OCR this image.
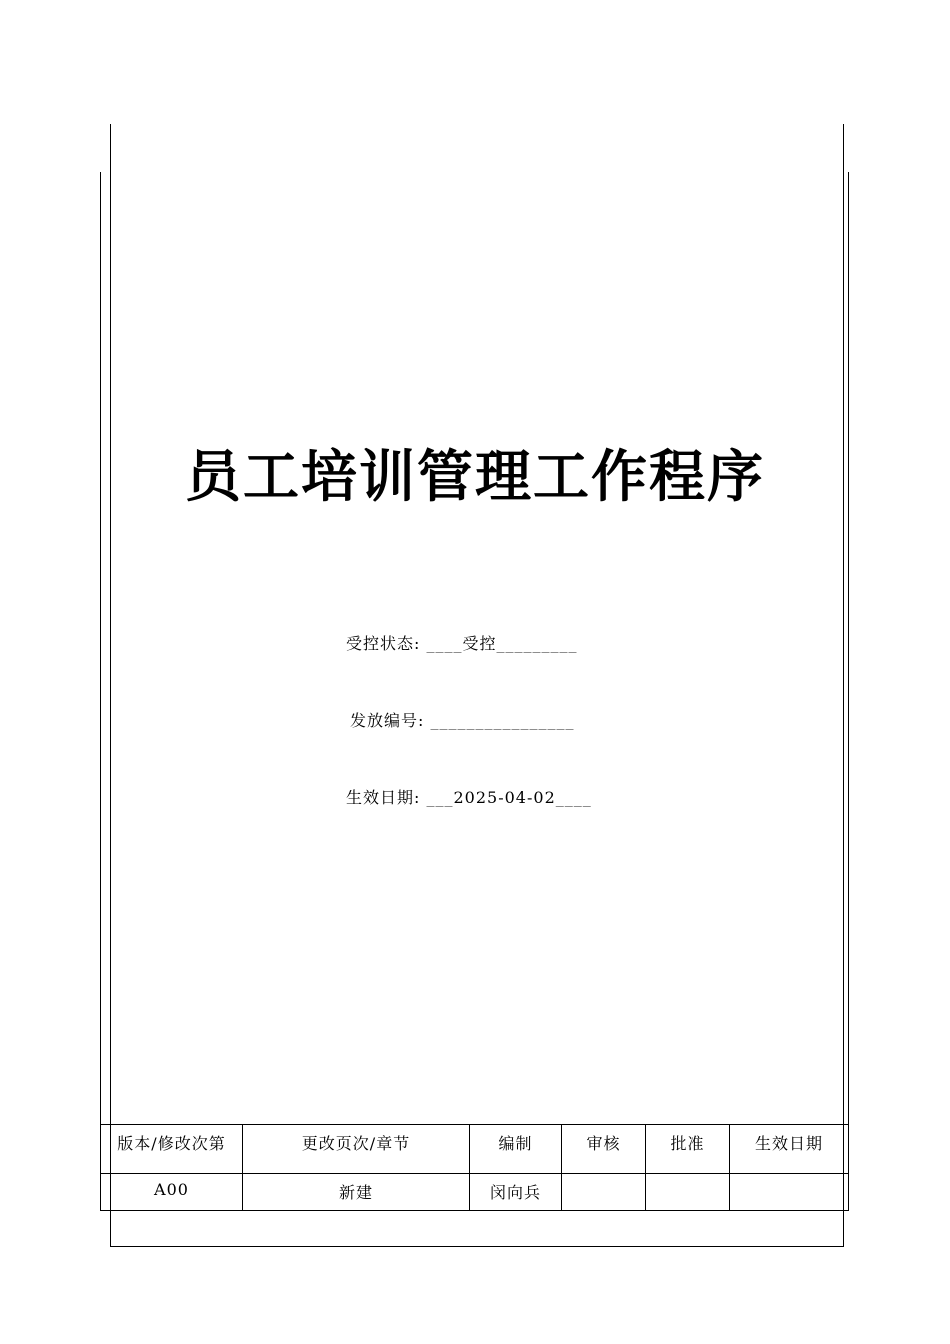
员工培训管理工作程序
受控状态: ____受控_________
发放编号: ________________
生效日期: ___2025-04-02____
版本/修改次第	更改页次/章节	编制	审核	批准	生效日期
A00	新建	闵向兵			
